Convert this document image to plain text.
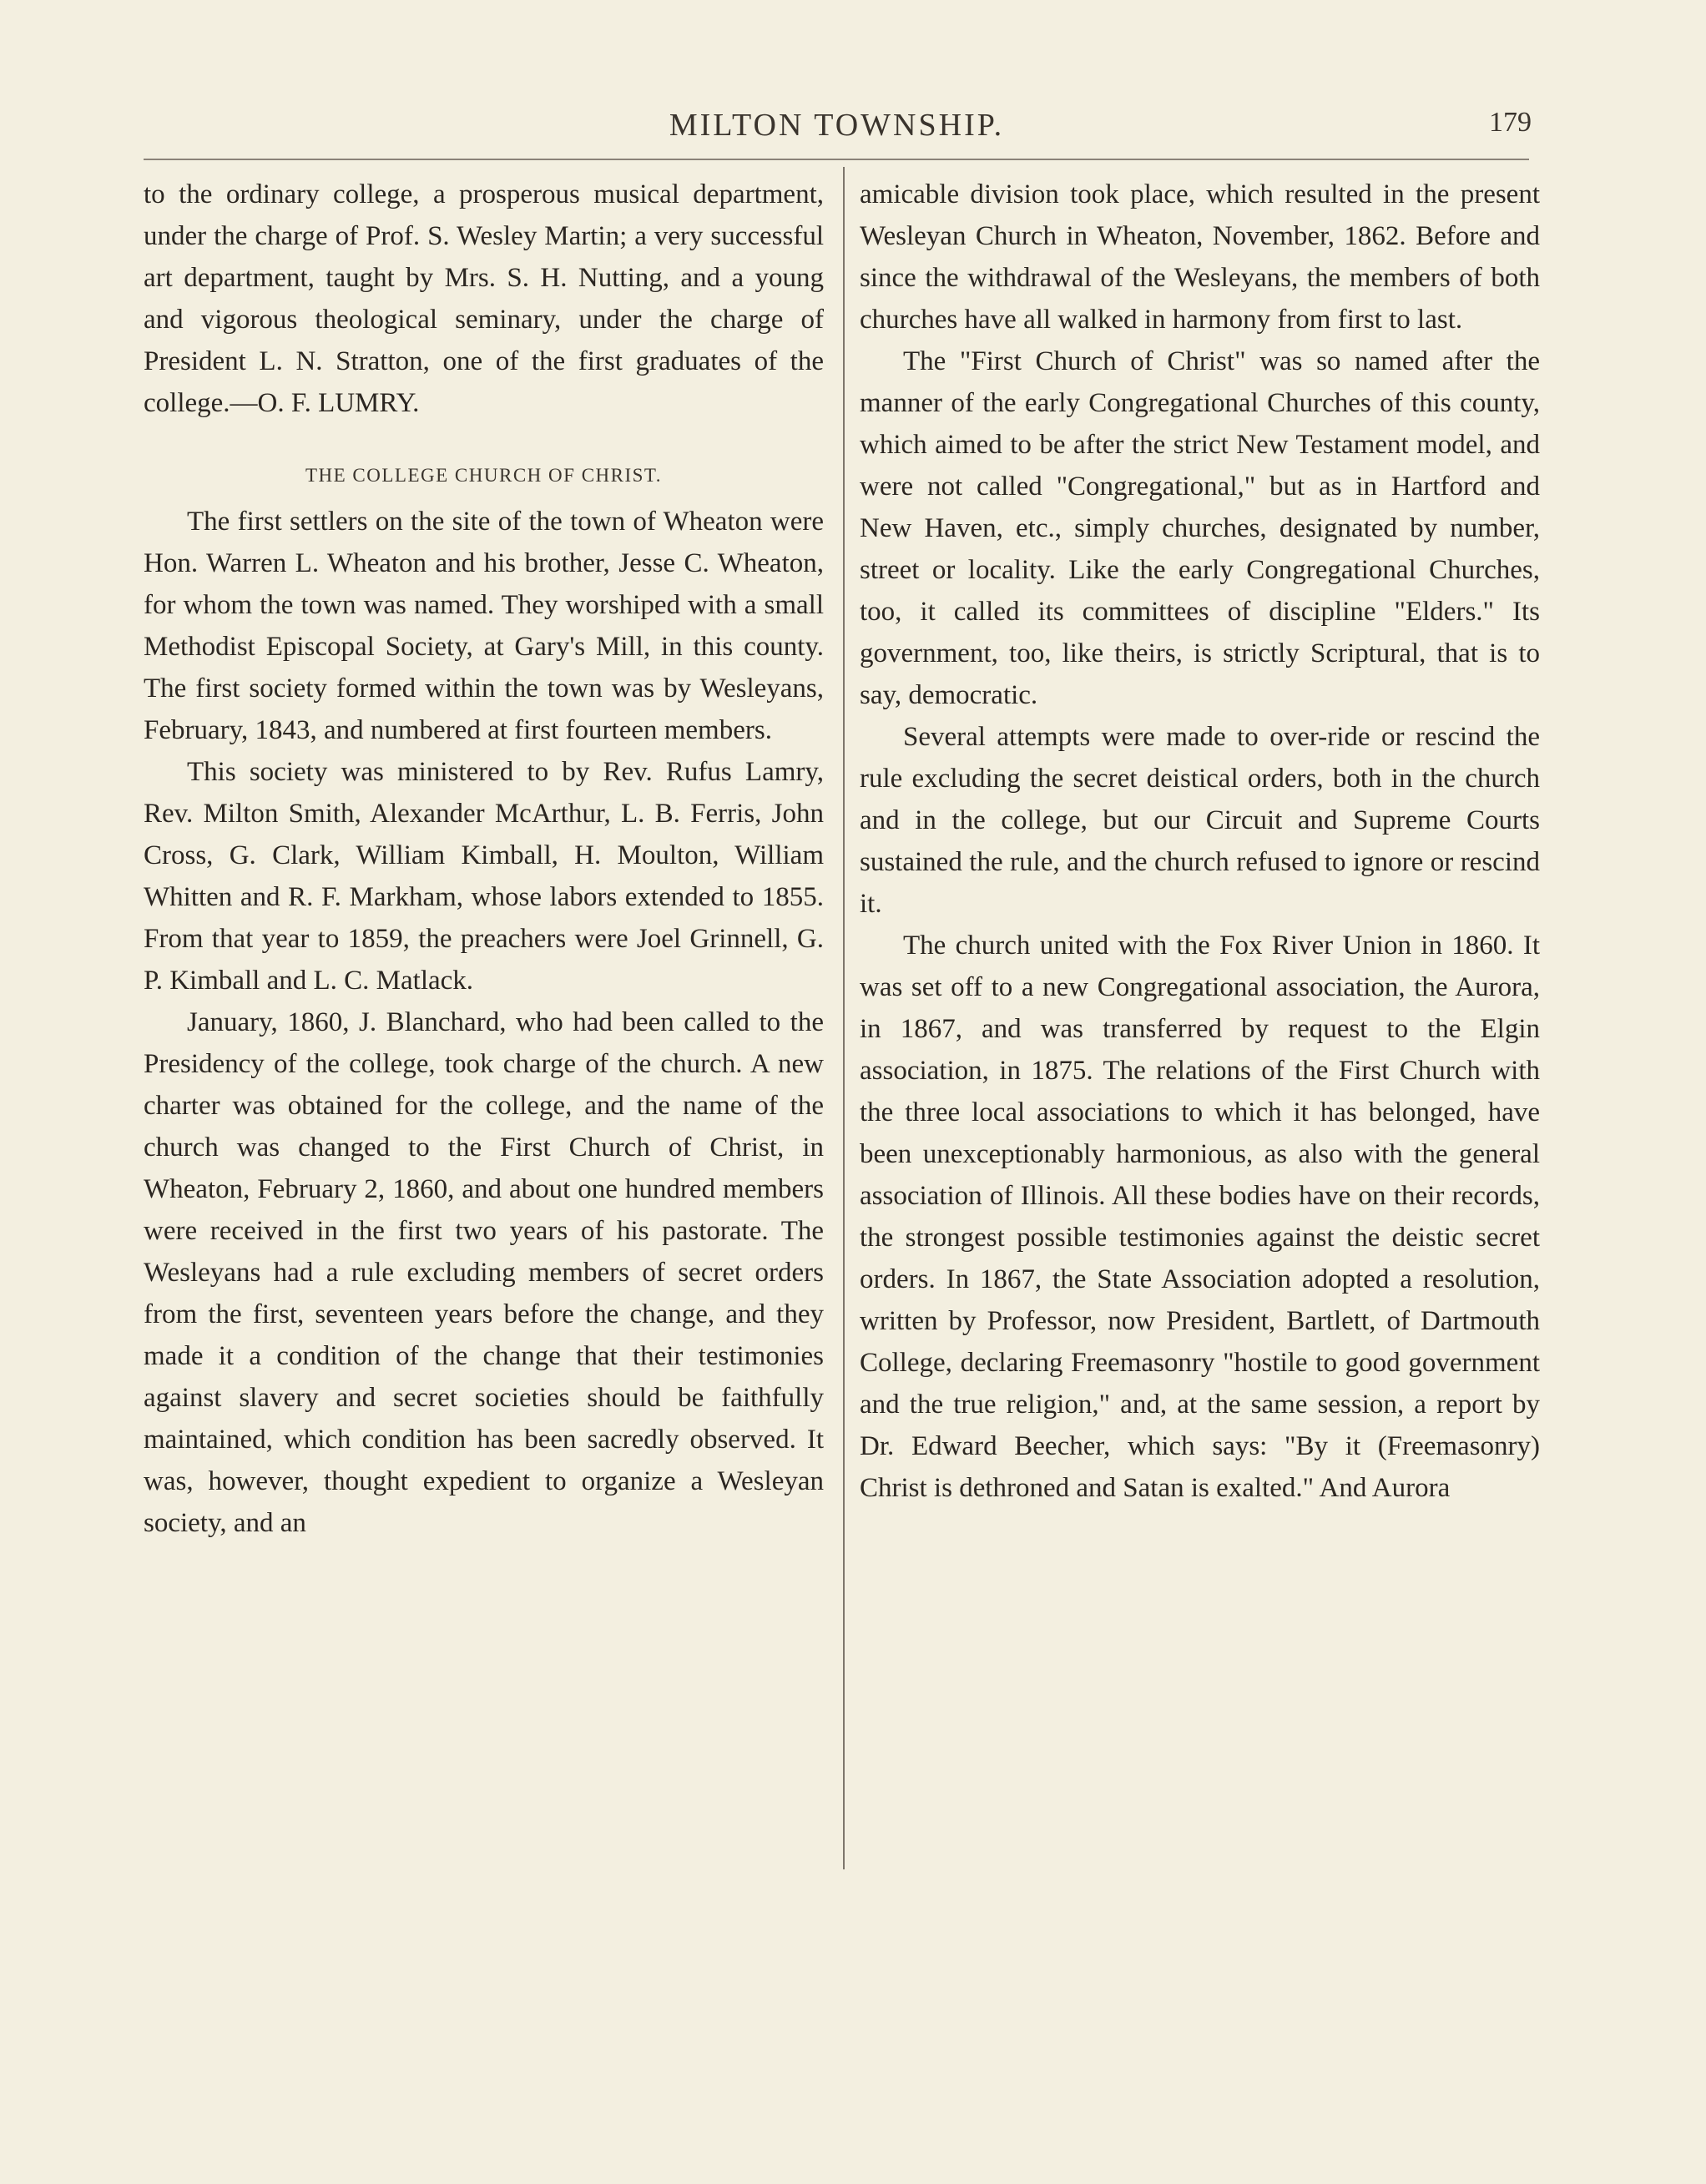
MILTON TOWNSHIP.	179

to the ordinary college, a prosperous musical department, under the charge of Prof. S. Wesley Martin; a very successful art department, taught by Mrs. S. H. Nutting, and a young and vigorous theological seminary, under the charge of President L. N. Stratton, one of the first graduates of the college.—O. F. LUMRY.

THE COLLEGE CHURCH OF CHRIST.

The first settlers on the site of the town of Wheaton were Hon. Warren L. Wheaton and his brother, Jesse C. Wheaton, for whom the town was named. They worshiped with a small Methodist Episcopal Society, at Gary's Mill, in this county. The first society formed within the town was by Wesleyans, February, 1843, and numbered at first fourteen members.

This society was ministered to by Rev. Rufus Lamry, Rev. Milton Smith, Alexander McArthur, L. B. Ferris, John Cross, G. Clark, William Kimball, H. Moulton, William Whitten and R. F. Markham, whose labors extended to 1855. From that year to 1859, the preachers were Joel Grinnell, G. P. Kimball and L. C. Matlack.

January, 1860, J. Blanchard, who had been called to the Presidency of the college, took charge of the church. A new charter was obtained for the college, and the name of the church was changed to the First Church of Christ, in Wheaton, February 2, 1860, and about one hundred members were received in the first two years of his pastorate. The Wesleyans had a rule excluding members of secret orders from the first, seventeen years before the change, and they made it a condition of the change that their testimonies against slavery and secret societies should be faithfully maintained, which condition has been sacredly observed. It was, however, thought expedient to organize a Wesleyan society, and an

amicable division took place, which resulted in the present Wesleyan Church in Wheaton, November, 1862. Before and since the withdrawal of the Wesleyans, the members of both churches have all walked in harmony from first to last.

The "First Church of Christ" was so named after the manner of the early Congregational Churches of this county, which aimed to be after the strict New Testament model, and were not called "Congregational," but as in Hartford and New Haven, etc., simply churches, designated by number, street or locality. Like the early Congregational Churches, too, it called its committees of discipline "Elders." Its government, too, like theirs, is strictly Scriptural, that is to say, democratic.

Several attempts were made to over-ride or rescind the rule excluding the secret deistical orders, both in the church and in the college, but our Circuit and Supreme Courts sustained the rule, and the church refused to ignore or rescind it.

The church united with the Fox River Union in 1860. It was set off to a new Congregational association, the Aurora, in 1867, and was transferred by request to the Elgin association, in 1875. The relations of the First Church with the three local associations to which it has belonged, have been unexceptionably harmonious, as also with the general association of Illinois. All these bodies have on their records, the strongest possible testimonies against the deistic secret orders. In 1867, the State Association adopted a resolution, written by Professor, now President, Bartlett, of Dartmouth College, declaring Freemasonry "hostile to good government and the true religion," and, at the same session, a report by Dr. Edward Beecher, which says: "By it (Freemasonry) Christ is dethroned and Satan is exalted." And Aurora
